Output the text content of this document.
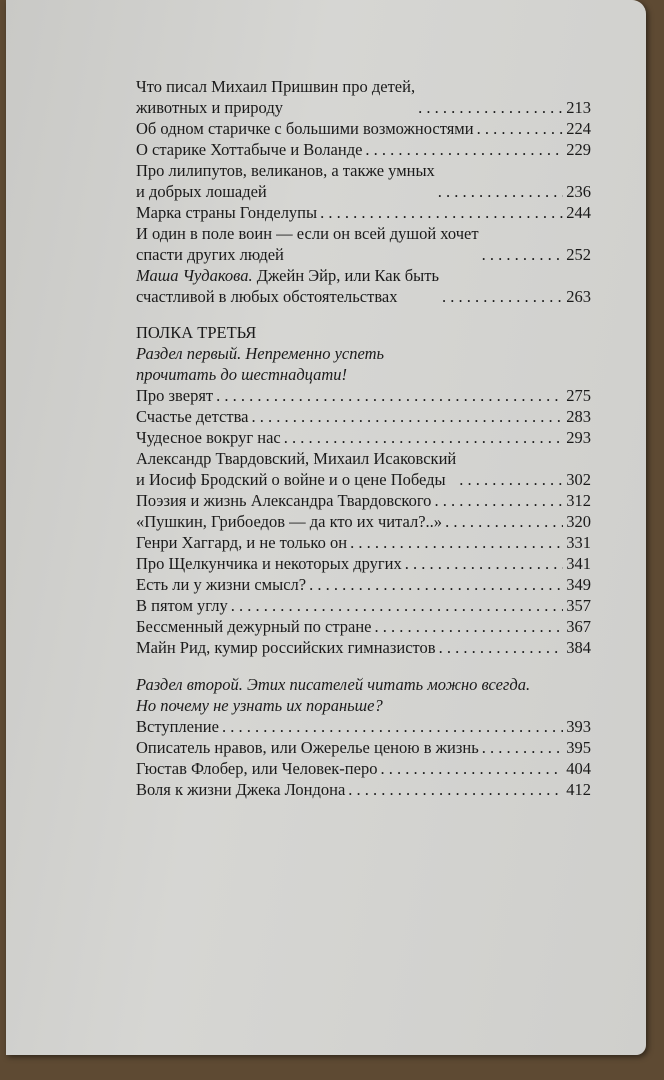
Что писал Михаил Пришвин про детей,
животных и природу . . .	213
Об одном старичке с большими возможностями . . .	224
О старике Хоттабыче и Воланде . . .	229
Про лилипутов, великанов, а также умных
и добрых лошадей . . .	236
Марка страны Гонделупы . . .	244
И один в поле воин — если он всей душой хочет
спасти других людей . . .	252
Маша Чудакова. Джейн Эйр, или Как быть
счастливой в любых обстоятельствах . . .	263
ПОЛКА ТРЕТЬЯ
Раздел первый. Непременно успеть
прочитать до шестнадцати!
Про зверят . . .	275
Счастье детства . . .	283
Чудесное вокруг нас . . .	293
Александр Твардовский, Михаил Исаковский
и Иосиф Бродский о войне и о цене Победы . . .	302
Поэзия и жизнь Александра Твардовского . . .	312
«Пушкин, Грибоедов — да кто их читал?..» . . .	320
Генри Хаггард, и не только он . . .	331
Про Щелкунчика и некоторых других . . .	341
Есть ли у жизни смысл? . . .	349
В пятом углу . . .	357
Бессменный дежурный по стране . . .	367
Майн Рид, кумир российских гимназистов . . .	384
Раздел второй. Этих писателей читать можно всегда.
Но почему не узнать их пораньше?
Вступление . . .	393
Описатель нравов, или Ожерелье ценою в жизнь . . .	395
Гюстав Флобер, или Человек-перо . . .	404
Воля к жизни Джека Лондона . . .	412
